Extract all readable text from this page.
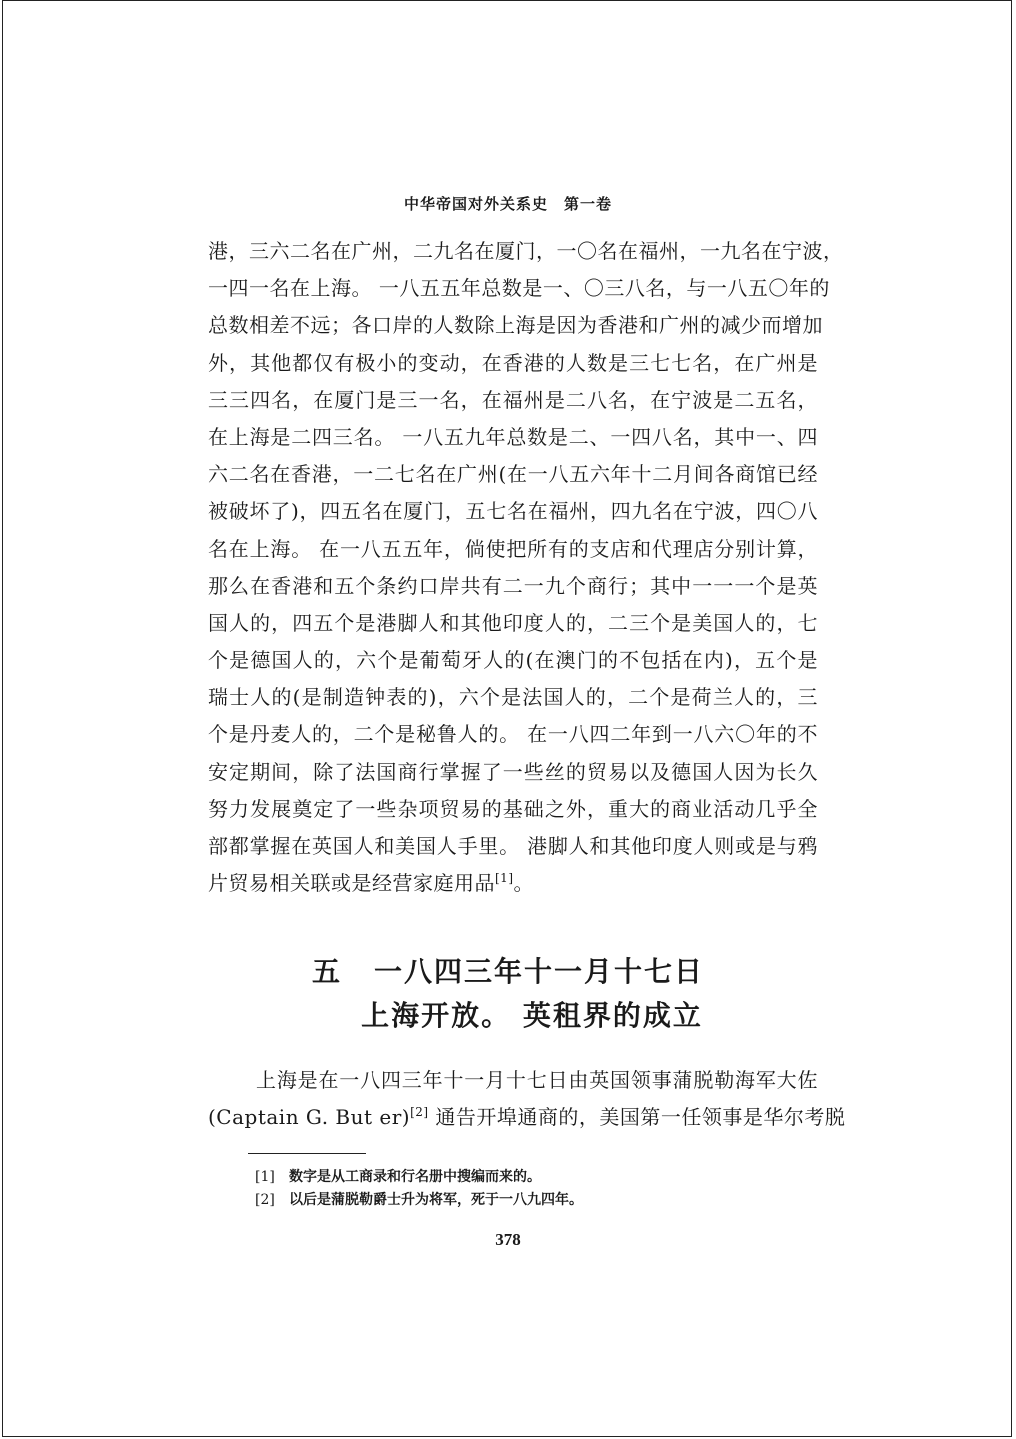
中华帝国对外关系史　第一卷
港，三六二名在广州，二九名在厦门，一〇名在福州，一九名在宁波，
一四一名在上海。 一八五五年总数是一、〇三八名，与一八五〇年的
总数相差不远；各口岸的人数除上海是因为香港和广州的减少而增加
外，其他都仅有极小的变动，在香港的人数是三七七名，在广州是
三三四名，在厦门是三一名，在福州是二八名，在宁波是二五名，
在上海是二四三名。 一八五九年总数是二、一四八名，其中一、四
六二名在香港，一二七名在广州(在一八五六年十二月间各商馆已经
被破坏了)，四五名在厦门，五七名在福州，四九名在宁波，四〇八
名在上海。 在一八五五年，倘使把所有的支店和代理店分别计算，
那么在香港和五个条约口岸共有二一九个商行；其中一一一个是英
国人的，四五个是港脚人和其他印度人的，二三个是美国人的，七
个是德国人的，六个是葡萄牙人的(在澳门的不包括在内)，五个是
瑞士人的(是制造钟表的)，六个是法国人的，二个是荷兰人的，三
个是丹麦人的，二个是秘鲁人的。 在一八四二年到一八六〇年的不
安定期间，除了法国商行掌握了一些丝的贸易以及德国人因为长久
努力发展奠定了一些杂项贸易的基础之外，重大的商业活动几乎全
部都掌握在英国人和美国人手里。 港脚人和其他印度人则或是与鸦
片贸易相关联或是经营家庭用品[1]。
五 一八四三年十一月十七日
上海开放。 英租界的成立
上海是在一八四三年十一月十七日由英国领事蒲脱勒海军大佐
(Captain G. But er)[2] 通告开埠通商的，美国第一任领事是华尔考脱
[1] 数字是从工商录和行名册中搜编而来的。
[2] 以后是蒲脱勒爵士升为将军，死于一八九四年。
378
